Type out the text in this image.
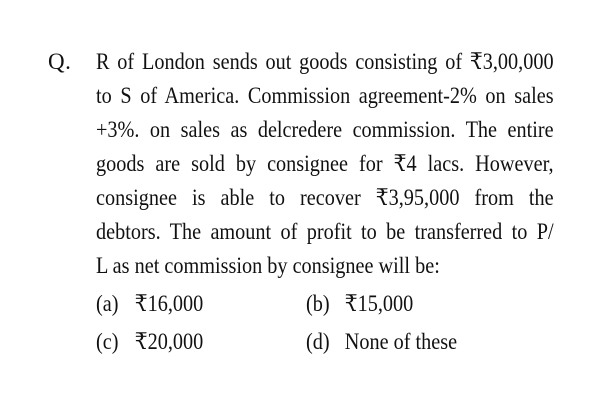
Q. R of London sends out goods consisting of ₹3,00,000
to S of America. Commission agreement-2% on sales
+3%. on sales as delcredere commission. The entire
goods are sold by consignee for ₹4 lacs. However,
consignee is able to recover ₹3,95,000 from the
debtors. The amount of profit to be transferred to P/
L as net commission by consignee will be:
(a) ₹16,000	(b) ₹15,000
(c) ₹20,000	(d) None of these
